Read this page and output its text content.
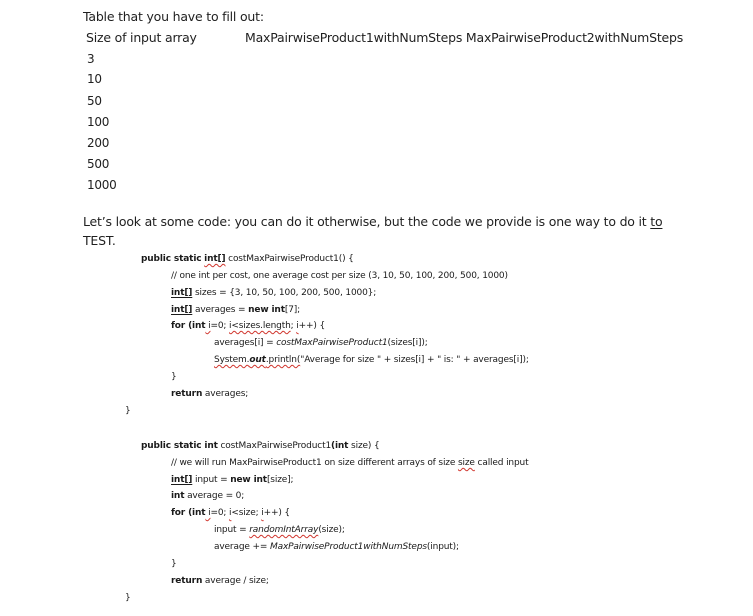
Table that you have to fill out:
Size of input array	MaxPairwiseProduct1withNumSteps MaxPairwiseProduct2withNumSteps
3
10
50
100
200
500
1000
Let’s look at some code: you can do it otherwise, but the code we provide is one way to do it to
TEST.
public static int[] costMaxPairwiseProduct1() {
// one int per cost, one average cost per size (3, 10, 50, 100, 200, 500, 1000)
int[] sizes = {3, 10, 50, 100, 200, 500, 1000};
int[] averages = new int[7];
for (int i=0; i<sizes.length; i++) {
averages[i] = costMaxPairwiseProduct1(sizes[i]);
System.out.println("Average for size " + sizes[i] + " is: " + averages[i]);
}
return averages;
}
public static int costMaxPairwiseProduct1(int size) {
// we will run MaxPairwiseProduct1 on size different arrays of size size called input
int[] input = new int[size];
int average = 0;
for (int i=0; i<size; i++) {
input = randomIntArray(size);
average += MaxPairwiseProduct1withNumSteps(input);
}
return average / size;
}
